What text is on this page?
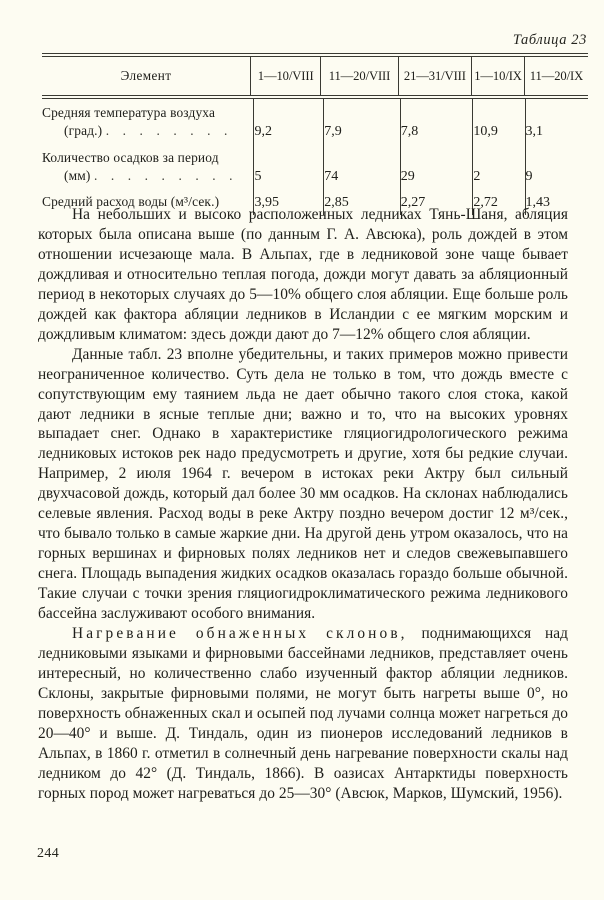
Таблица 23
Элемент	1—10/VIII	11—20/VIII	21—31/VIII	1—10/IX	11—20/IX
Средняя температура воздуха
(град.) . . . . . . . .	9,2	7,9	7,8	10,9	3,1

Количество осадков за период
(мм) . . . . . . . . .	5	74	29	2	9

Средний расход воды (м³/сек.)	3,95	2,85	2,27	2,72	1,43

На небольших и высоко расположенных ледниках Тянь-Шаня, абляция которых была описана выше (по данным Г. А. Авсюка), роль дождей в этом отношении исчезающе мала. В Альпах, где в ледниковой зоне чаще бывает дождливая и относительно теплая погода, дожди могут давать за абляционный период в некоторых случаях до 5—10% общего слоя абляции. Еще больше роль дождей как фактора абляции ледников в Исландии с ее мягким морским и дождливым климатом: здесь дожди дают до 7—12% общего слоя абляции.

Данные табл. 23 вполне убедительны, и таких примеров можно привести неограниченное количество. Суть дела не только в том, что дождь вместе с сопутствующим ему таянием льда не дает обычно такого слоя стока, какой дают ледники в ясные теплые дни; важно и то, что на высоких уровнях выпадает снег. Однако в характеристике гляциогидрологического режима ледниковых истоков рек надо предусмотреть и другие, хотя бы редкие случаи. Например, 2 июля 1964 г. вечером в истоках реки Актру был сильный двухчасовой дождь, который дал более 30 мм осадков. На склонах наблюдались селевые явления. Расход воды в реке Актру поздно вечером достиг 12 м³/сек., что бывало только в самые жаркие дни. На другой день утром оказалось, что на горных вершинах и фирновых полях ледников нет и следов свежевыпавшего снега. Площадь выпадения жидких осадков оказалась гораздо больше обычной. Такие случаи с точки зрения гляциогидроклиматического режима ледникового бассейна заслуживают особого внимания.

Нагревание обнаженных склонов, поднимающихся над ледниковыми языками и фирновыми бассейнами ледников, представляет очень интересный, но количественно слабо изученный фактор абляции ледников. Склоны, закрытые фирновыми полями, не могут быть нагреты выше 0°, но поверхность обнаженных скал и осыпей под лучами солнца может нагреться до 20—40° и выше. Д. Тиндаль, один из пионеров исследований ледников в Альпах, в 1860 г. отметил в солнечный день нагревание поверхности скалы над ледником до 42° (Д. Тиндаль, 1866). В оазисах Антарктиды поверхность горных пород может нагреваться до 25—30° (Авсюк, Марков, Шумский, 1956).

244
